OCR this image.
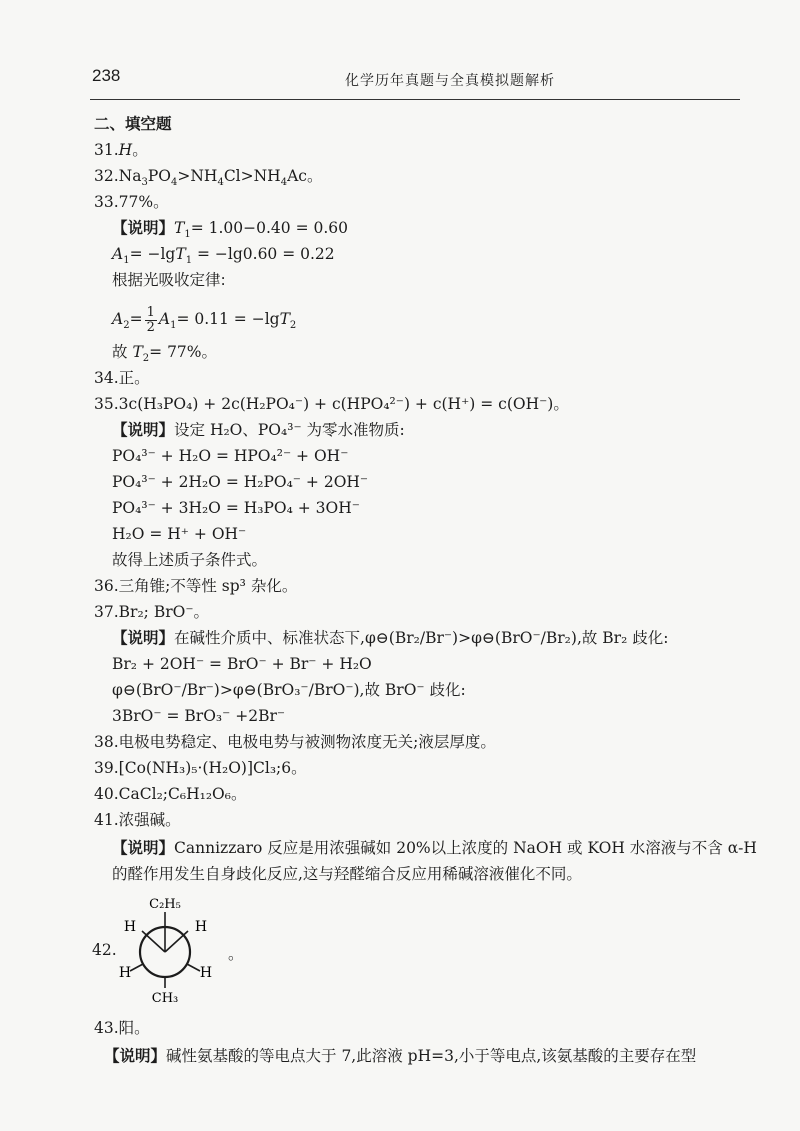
238	化学历年真题与全真模拟题解析
二、填空题
31.H。
$32.Na_3PO_4>NH_4Cl>NH_4Ac$。
33.77%。
【说明】$T_1= 1.00-0.40 = 0.60$
$A_1= -\lg T_1 = -\lg 0.60 = 0.22$
根据光吸收定律:
$A_2= \frac{1}{2} A_1= 0.11 = -\lg T_2$
故 $T_2= 77\%$。
34.正。
35.3c(H₃PO₄) + 2c(H₂PO₄⁻) + c(HPO₄²⁻) + c(H⁺) = c(OH⁻)。
【说明】设定 H₂O、PO₄³⁻ 为零水准物质:
PO₄³⁻ + H₂O = HPO₄²⁻ + OH⁻
PO₄³⁻ + 2H₂O = H₂PO₄⁻ + 2OH⁻
PO₄³⁻ + 3H₂O = H₃PO₄ + 3OH⁻
H₂O = H⁺ + OH⁻
故得上述质子条件式。
36.三角锥;不等性 sp³ 杂化。
37.Br₂; BrO⁻。
【说明】在碱性介质中、标准状态下,φ⊖(Br₂/Br⁻)>φ⊖(BrO⁻/Br₂),故 Br₂ 歧化:
Br₂ + 2OH⁻ = BrO⁻ + Br⁻ + H₂O
φ⊖(BrO⁻/Br⁻)>φ⊖(BrO₃⁻/BrO⁻),故 BrO⁻ 歧化:
3BrO⁻ = BrO₃⁻ +2Br⁻
38.电极电势稳定、电极电势与被测物浓度无关;液层厚度。
39.[Co(NH₃)₅·(H₂O)]Cl₃;6。
40.CaCl₂;C₆H₁₂O₆。
41.浓强碱。
【说明】Cannizzaro 反应是用浓强碱如 20%以上浓度的 NaOH 或 KOH 水溶液与不含 α-H
的醛作用发生自身歧化反应,这与羟醛缩合反应用稀碱溶液催化不同。
42.
C₂H₅
CH₃
H	H
H	H
。
43.阳。
【说明】碱性氨基酸的等电点大于 7,此溶液 pH=3,小于等电点,该氨基酸的主要存在型
